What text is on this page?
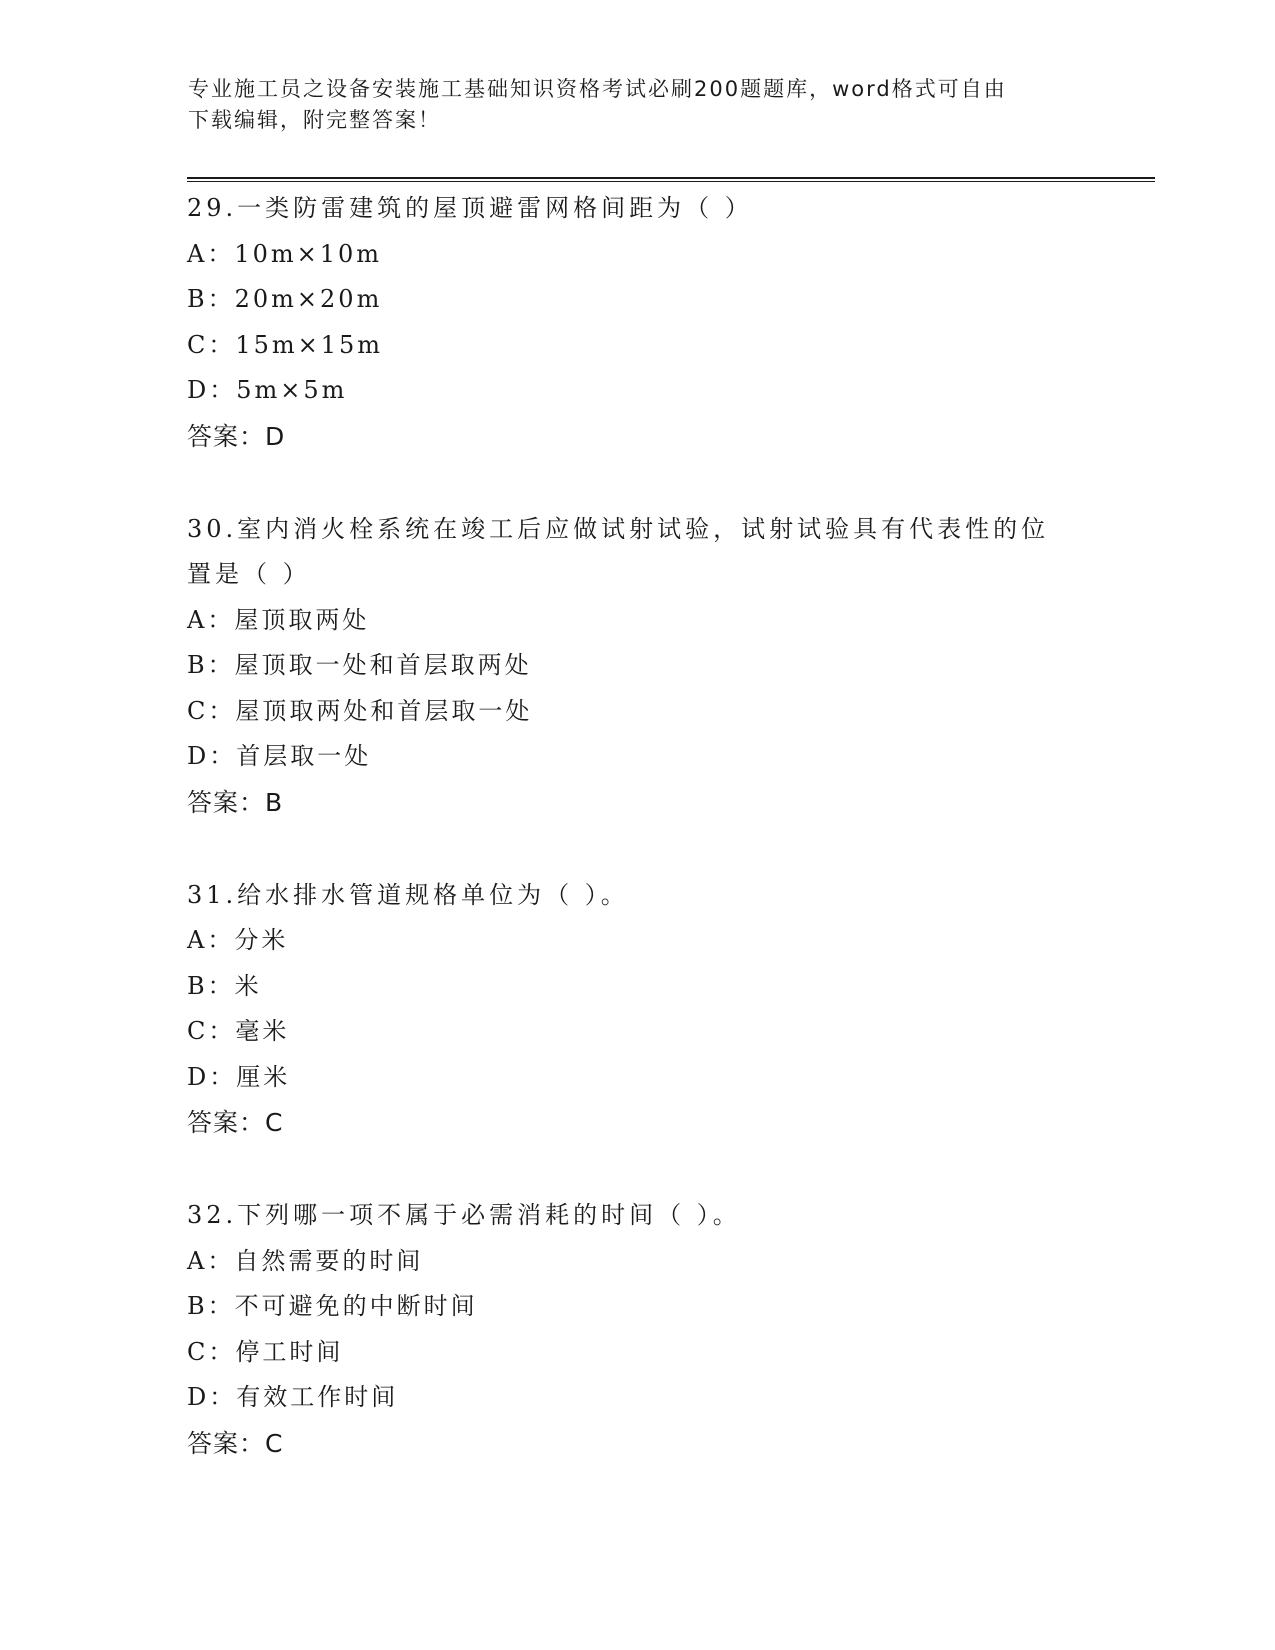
专业施工员之设备安装施工基础知识资格考试必刷200题题库，word格式可自由
下载编辑，附完整答案！
29.一类防雷建筑的屋顶避雷网格间距为（ ）
A：10m×10m
B：20m×20m
C：15m×15m
D：5m×5m
答案：D
30.室内消火栓系统在竣工后应做试射试验，试射试验具有代表性的位
置是（ ）
A：屋顶取两处
B：屋顶取一处和首层取两处
C：屋顶取两处和首层取一处
D：首层取一处
答案：B
31.给水排水管道规格单位为（ ）。
A：分米
B：米
C：毫米
D：厘米
答案：C
32.下列哪一项不属于必需消耗的时间（ ）。
A：自然需要的时间
B：不可避免的中断时间
C：停工时间
D：有效工作时间
答案：C
